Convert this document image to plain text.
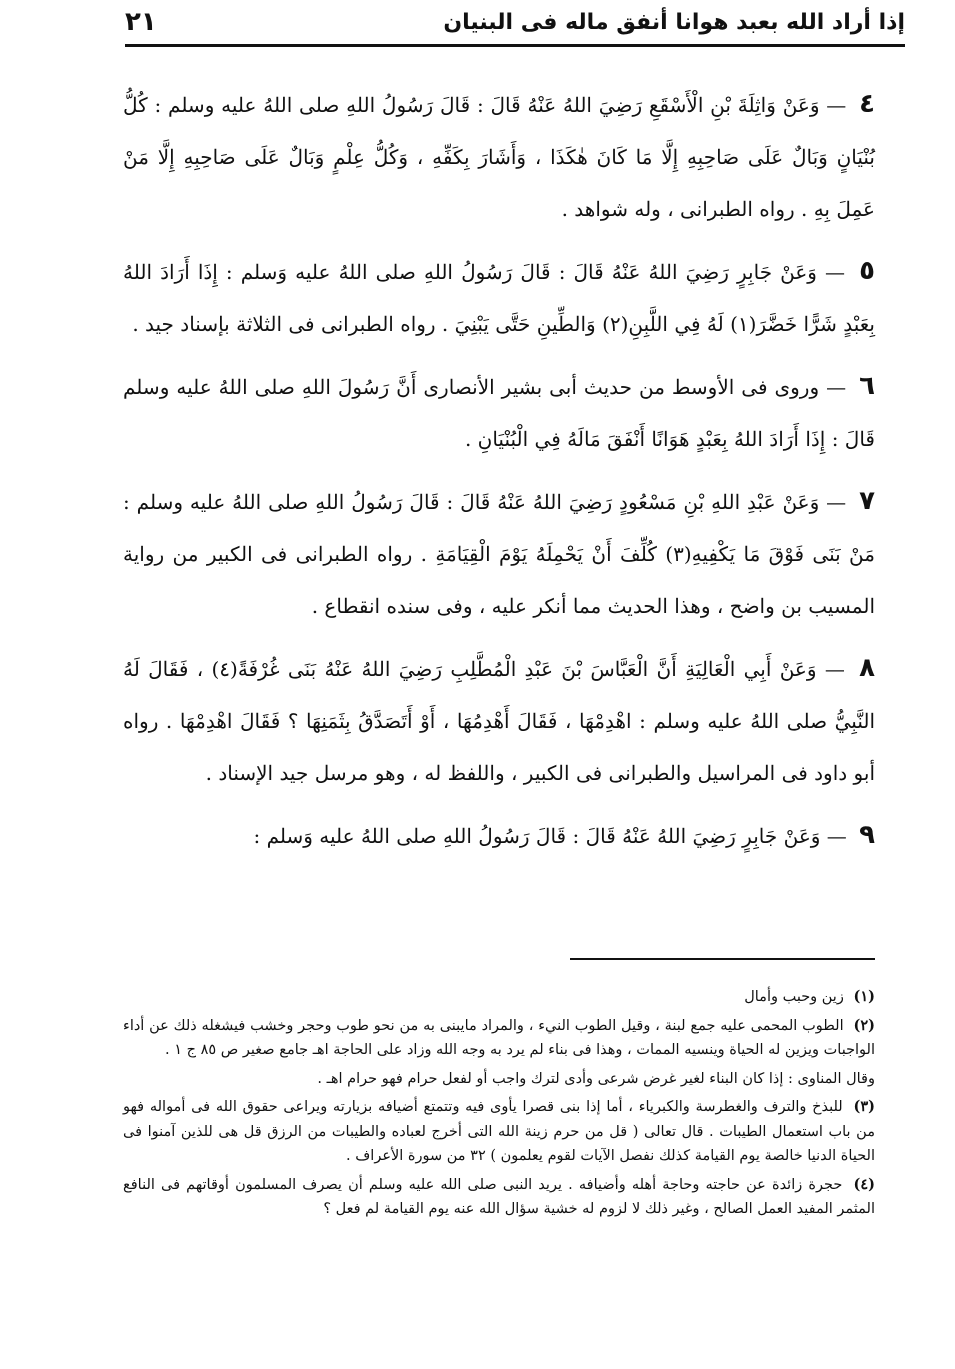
إذا أراد الله بعبد هوانا أنفق ماله فى البنيان
٢١

٤ — وَعَنْ وَاثِلَةَ بْنِ الْأَسْقَعِ رَضِيَ اللهُ عَنْهُ قَالَ : قَالَ رَسُولُ اللهِ صلى اللهُ عليه وسلم : كُلُّ بُنْيَانٍ وَبَالٌ عَلَى صَاحِبِهِ إِلَّا مَا كَانَ هٰكَذَا ، وَأَشَارَ بِكَفِّهِ ، وَكُلُّ عِلْمٍ وَبَالٌ عَلَى صَاحِبِهِ إِلَّا مَنْ عَمِلَ بِهِ . رواه الطبرانى ، وله شواهد .

٥ — وَعَنْ جَابِرٍ رَضِيَ اللهُ عَنْهُ قَالَ : قَالَ رَسُولُ اللهِ صلى اللهُ عليه وَسلم : إِذَا أَرَادَ اللهُ بِعَبْدٍ شَرًّا خَضَّرَ(١) لَهُ فِي اللَّبِنِ(٢) وَالطِّينِ حَتَّى يَبْنِيَ . رواه الطبرانى فى الثلاثة بإسناد جيد .

٦ — وروى فى الأوسط من حديث أبى بشير الأنصارى أَنَّ رَسُولَ اللهِ صلى اللهُ عليه وسلم قَالَ : إِذَا أَرَادَ اللهُ بِعَبْدٍ هَوَانًا أَنْفَقَ مَالَهُ فِي الْبُنْيَانِ .

٧ — وَعَنْ عَبْدِ اللهِ بْنِ مَسْعُودٍ رَضِيَ اللهُ عَنْهُ قَالَ : قَالَ رَسُولُ اللهِ صلى اللهُ عليه وسلم : مَنْ بَنَى فَوْقَ مَا يَكْفِيهِ(٣) كُلِّفَ أَنْ يَحْمِلَهُ يَوْمَ الْقِيَامَةِ . رواه الطبرانى فى الكبير من رواية المسيب بن واضح ، وهذا الحديث مما أنكر عليه ، وفى سنده انقطاع .

٨ — وَعَنْ أَبِي الْعَالِيَةِ أَنَّ الْعَبَّاسَ بْنَ عَبْدِ الْمُطَّلِبِ رَضِيَ اللهُ عَنْهُ بَنَى غُرْفَةً(٤) ، فَقَالَ لَهُ النَّبِيُّ صلى اللهُ عليه وسلم : اهْدِمْهَا ، فَقَالَ أَهْدِمُهَا ، أَوْ أَتَصَدَّقُ بِثَمَنِهَا ؟ فَقَالَ اهْدِمْهَا . رواه أبو داود فى المراسيل والطبرانى فى الكبير ، واللفظ له ، وهو مرسل جيد الإسناد .

٩ — وَعَنْ جَابِرٍ رَضِيَ اللهُ عَنْهُ قَالَ : قَالَ رَسُولُ اللهِ صلى اللهُ عليه وَسلم :

(١) زين وحبب وأمال

(٢) الطوب المحمى عليه جمع لبنة ، وقيل الطوب النيء ، والمراد مايبنى به من نحو طوب وحجر وخشب فيشغله ذلك عن أداء الواجبات ويزين له الحياة وينسيه الممات ، وهذا فى بناء لم يرد به وجه الله وزاد على الحاجة اهـ جامع صغير ص ٨٥ ج ١ .

وقال المناوى : إذا كان البناء لغير غرض شرعى وأدى لترك واجب أو لفعل حرام فهو حرام اهـ .

(٣) للبذخ والترف والغطرسة والكبرياء ، أما إذا بنى قصرا يأوى فيه وتتمتع أضيافه بزيارته ويراعى حقوق الله فى أمواله فهو من باب استعمال الطيبات . قال تعالى ( قل من حرم زينة الله التى أخرج لعباده والطيبات من الرزق قل هى للذين آمنوا فى الحياة الدنيا خالصة يوم القيامة كذلك نفصل الآيات لقوم يعلمون ) ٣٢ من سورة الأعراف .

(٤) حجرة زائدة عن حاجته وحاجة أهله وأضيافه . يريد النبى صلى الله عليه وسلم أن يصرف المسلمون أوقاتهم فى النافع المثمر المفيد العمل الصالح ، وغير ذلك لا لزوم له خشية سؤال الله عنه يوم القيامة لم فعل ؟
